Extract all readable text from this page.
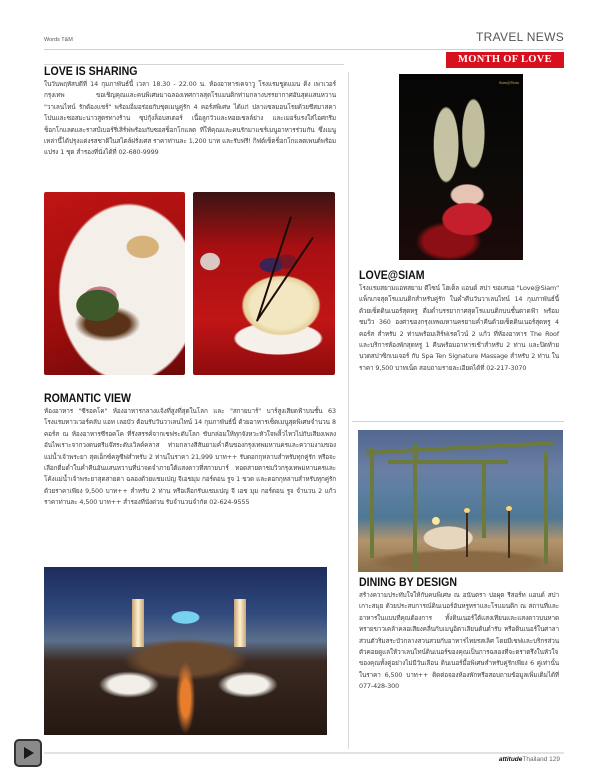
Words T&M	TRAVEL NEWS
MONTH OF LOVE
LOVE IS SHARING
ในวันพฤหัสบดีที่ 14 กุมภาพันธ์นี้ เวลา 18.30 - 22.00 น. ห้องอาหารเคจาวู โรงแรมชูดแมน คิง เพาเวอร์ กรุงเทพ ขอเชิญคุณและคนพิเศษมาฉลองเทศกาลสุดโรแมนติกท่ามกลางบรรยากาศอันสุดแสนหวาน "วาเลนไทน์ รักต้องแชร์" พร้อมอิ่มอร่อยกับชุดเมนูคู่รัก 4 คอร์สพิเศษ ได้แก่ ปลาแซลมอนโรยด้วยชีสมาสคาโปนและซอสมะนาวสูตรทางร้าน ซุปกุ้งล็อบสเตอร์ เนื้อลูกวัวและหอยเชลล์ย่าง และเมอร์แรงใส่ไอศกรีมช็อกโกแลตและราสป์เบอร์รี่เสิร์ฟพร้อมกับซอสช็อกโกแลต ที่ให้คุณและคนรักมาแชร์เมนูอาหารร่วมกัน ซึ่งเมนูเหล่านี้ได้ปรุงแต่งรสชาติในสไตล์ฝรั่งเศส ราคาท่านละ 1,200 บาท และรับฟรี! กิฟต์เซ็ตช็อกโกแลตเพนต์พร้อมแปรง 1 ชุด สำรองที่นั่งได้ที่ 02-680-9999
ROMANTIC VIEW
ห้องอาหาร "ซีรอคโค" ห้องอาหารกลางแจ้งที่สูงที่สุดในโลก และ "สกายบาร์" บาร์สูงเสียดฟ้าบนชั้น 63 โรงแรมทาวเวอร์คลับ แอท เลอบัว ต้อนรับวันวาเลนไทน์ 14 กุมภาพันธ์นี้ ด้วยอาหารเซ็ตเมนูสุดพิเศษจำนวน 8 คอร์ส ณ ห้องอาหารซีรอคโค ที่รังสรรค์จากเชฟระดับโลก ขับกล่อมให้ทุกจังหวะหัวใจพลิ้วไหวไปกับเสียงเพลงอันไพเราะจากวงดนตรีแจ๊สระดับเวิลด์คลาส ท่ามกลางสีสันยามค่ำคืนของกรุงเทพมหานครและความงามของแม่น้ำเจ้าพระยา สุดเอ็กซ์คลูซีฟสำหรับ 2 ท่านในราคา 21,999 บาท++ รับดอกกุหลาบสำหรับทุกคู่รัก หรือจะเลือกดื่มด่ำในค่ำคืนอันแสนหวานที่น่าจดจำภายใต้แสงดาวที่สกายบาร์ ทอดสายตาชมวิวกรุงเทพมหานครและโค้งแม่น้ำเจ้าพระยาสุดสายตา ฉลองด้วยแชมเปญ จีเอชมุม กอร์ดอน รูจ 1 ขวด และดอกกุหลาบสำหรับทุกคู่รัก ด้วยราคาเพียง 9,500 บาท++ สำหรับ 2 ท่าน หรือเลือกรับแชมเปญ จี เอช มุม กอร์ดอน รูจ จำนวน 2 แก้ว ราคาท่านละ 4,500 บาท++ สำรองที่นั่งด่วน รับจำนวนจำกัด 02-624-9555
Siam@Siam
LOVE@SIAM
โรงแรมสยามแอทสยาม ดีไซน์ โฮเต็ล แอนด์ สปา ขอเสนอ "Love@Siam" แพ็กเกจสุดโรแมนติกสำหรับคู่รัก ในค่ำคืนวันวาเลนไทน์ 14 กุมภาพันธ์นี้ ด้วยเซ็ตดินเนอร์สุดหรู ดื่มด่ำบรรยากาศสุดโรแมนติกบนชั้นดาดฟ้า พร้อมชมวิว 360 องศาของกรุงเทพมหานครยามค่ำคืนด้วยเซ็ตดินเนอร์สุดหรู 4 คอร์ส สำหรับ 2 ท่านพร้อมเสิร์ฟเรดไวน์ 2 แก้ว ที่ห้องอาหาร The Roof และบริการห้องพักสุดหรู 1 คืนพร้อมอาหารเช้าสำหรับ 2 ท่าน และปิดท้ายนวดสปาซิกเนเจอร์ กับ Spa Ten Signature Massage สำหรับ 2 ท่าน ในราคา 9,500 บาทเน็ต สอบถามรายละเอียดได้ที่ 02-217-3070
DINING BY DESIGN
สร้างความประทับใจให้กับคนพิเศษ ณ อนันตรา บ่อผุด รีสอร์ท แอนด์ สปา เกาะสมุย ด้วยประสบการณ์ดินเนอร์อันหรูหราและโรแมนติก ณ สถานที่และอาหารในแบบที่คุณต้องการ ทั้งดินเนอร์ใต้แสงเทียนและแสงดาวบนหาดทรายขาวเคล้าคลอเสียงคลื่นกับเมนูอิตาเลียนต้นตำรับ หรือดินเนอร์ในศาลาส่วนตัวริมสระบัวกลางสวนสวยกับอาหารไทยรสเลิศ โดยมีเชฟและบริกรส่วนตัวคอยดูแลให้วาเลนไทน์ดินเนอร์ของคุณเป็นการฉลองที่จะตราตรึงในหัวใจของคุณทั้งคู่อย่างไม่มีวันเลือน ดินเนอร์มื้อพิเศษสำหรับคู่รักเพียง 6 คู่เท่านั้น ในราคา 6,500 บาท++ ติดต่อจองห้องพักหรือสอบถามข้อมูลเพิ่มเติมได้ที่ 077-428-300
attitudeThailand 129
